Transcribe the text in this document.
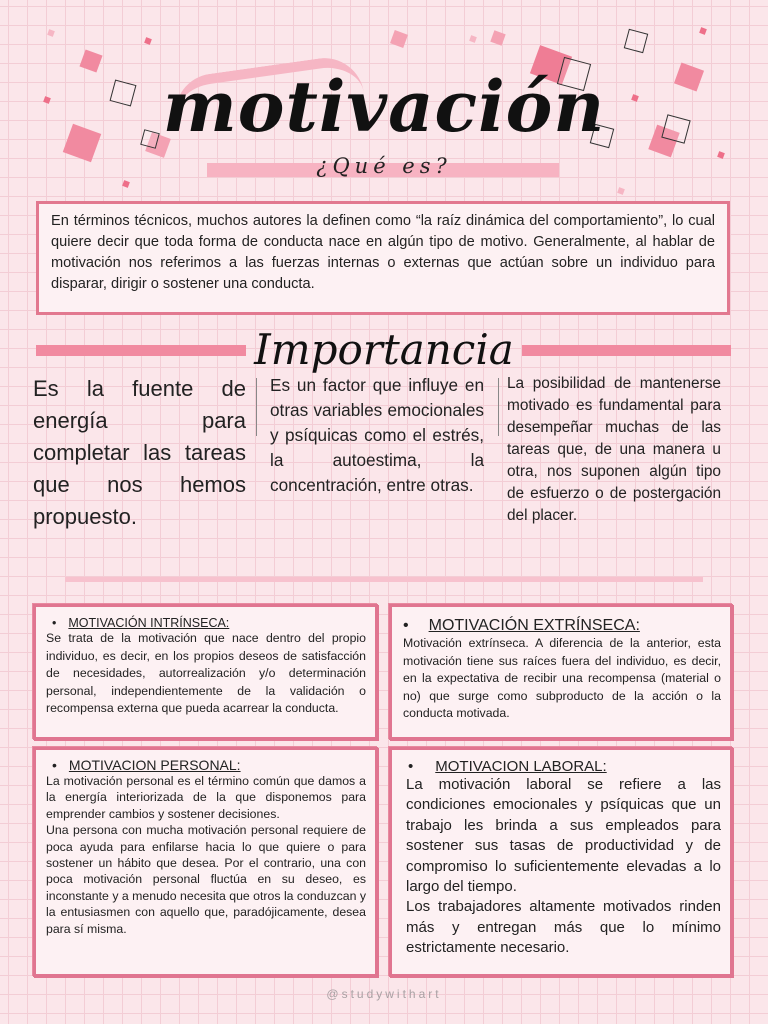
motivación
¿Qué es?
En términos técnicos, muchos autores la definen como “la raíz dinámica del comportamiento”, lo cual quiere decir que toda forma de conducta nace en algún tipo de motivo. Generalmente, al hablar de motivación nos referimos a las fuerzas internas o externas que actúan sobre un individuo para disparar, dirigir o sostener una conducta.
Importancia
Es la fuente de energía para completar las tareas que nos hemos propuesto.
Es un factor que influye en otras variables emocionales y psíquicas como el estrés, la autoestima, la concentración, entre otras.
La posibilidad de mantenerse motivado es fundamental para desempeñar muchas de las tareas que, de una manera u otra, nos suponen algún tipo de esfuerzo o de postergación del placer.
• MOTIVACIÓN INTRÍNSECA:
Se trata de la motivación que nace dentro del propio individuo, es decir, en los propios deseos de satisfacción de necesidades, autorrealización y/o determinación personal, independientemente de la validación o recompensa externa que pueda acarrear la conducta.
• MOTIVACIÓN EXTRÍNSECA:
Motivación extrínseca. A diferencia de la anterior, esta motivación tiene sus raíces fuera del individuo, es decir, en la expectativa de recibir una recompensa (material o no) que surge como subproducto de la acción o la conducta motivada.
• MOTIVACION PERSONAL:

La motivación personal es el término común que damos a la energía interiorizada de la que disponemos para emprender cambios y sostener decisiones.

Una persona con mucha motivación personal requiere de poca ayuda para enfilarse hacia lo que quiere o para sostener un hábito que desea. Por el contrario, una con poca motivación personal fluctúa en su deseo, es inconstante y a menudo necesita que otros la conduzcan y la entusiasmen con aquello que, paradójicamente, desea para sí misma.

• MOTIVACION LABORAL:

La motivación laboral se refiere a las condiciones emocionales y psíquicas que un trabajo les brinda a sus empleados para sostener sus tasas de productividad y de compromiso lo suficientemente elevadas a lo largo del tiempo.

Los trabajadores altamente motivados rinden más y entregan más que lo mínimo estrictamente necesario.

@studywithart
